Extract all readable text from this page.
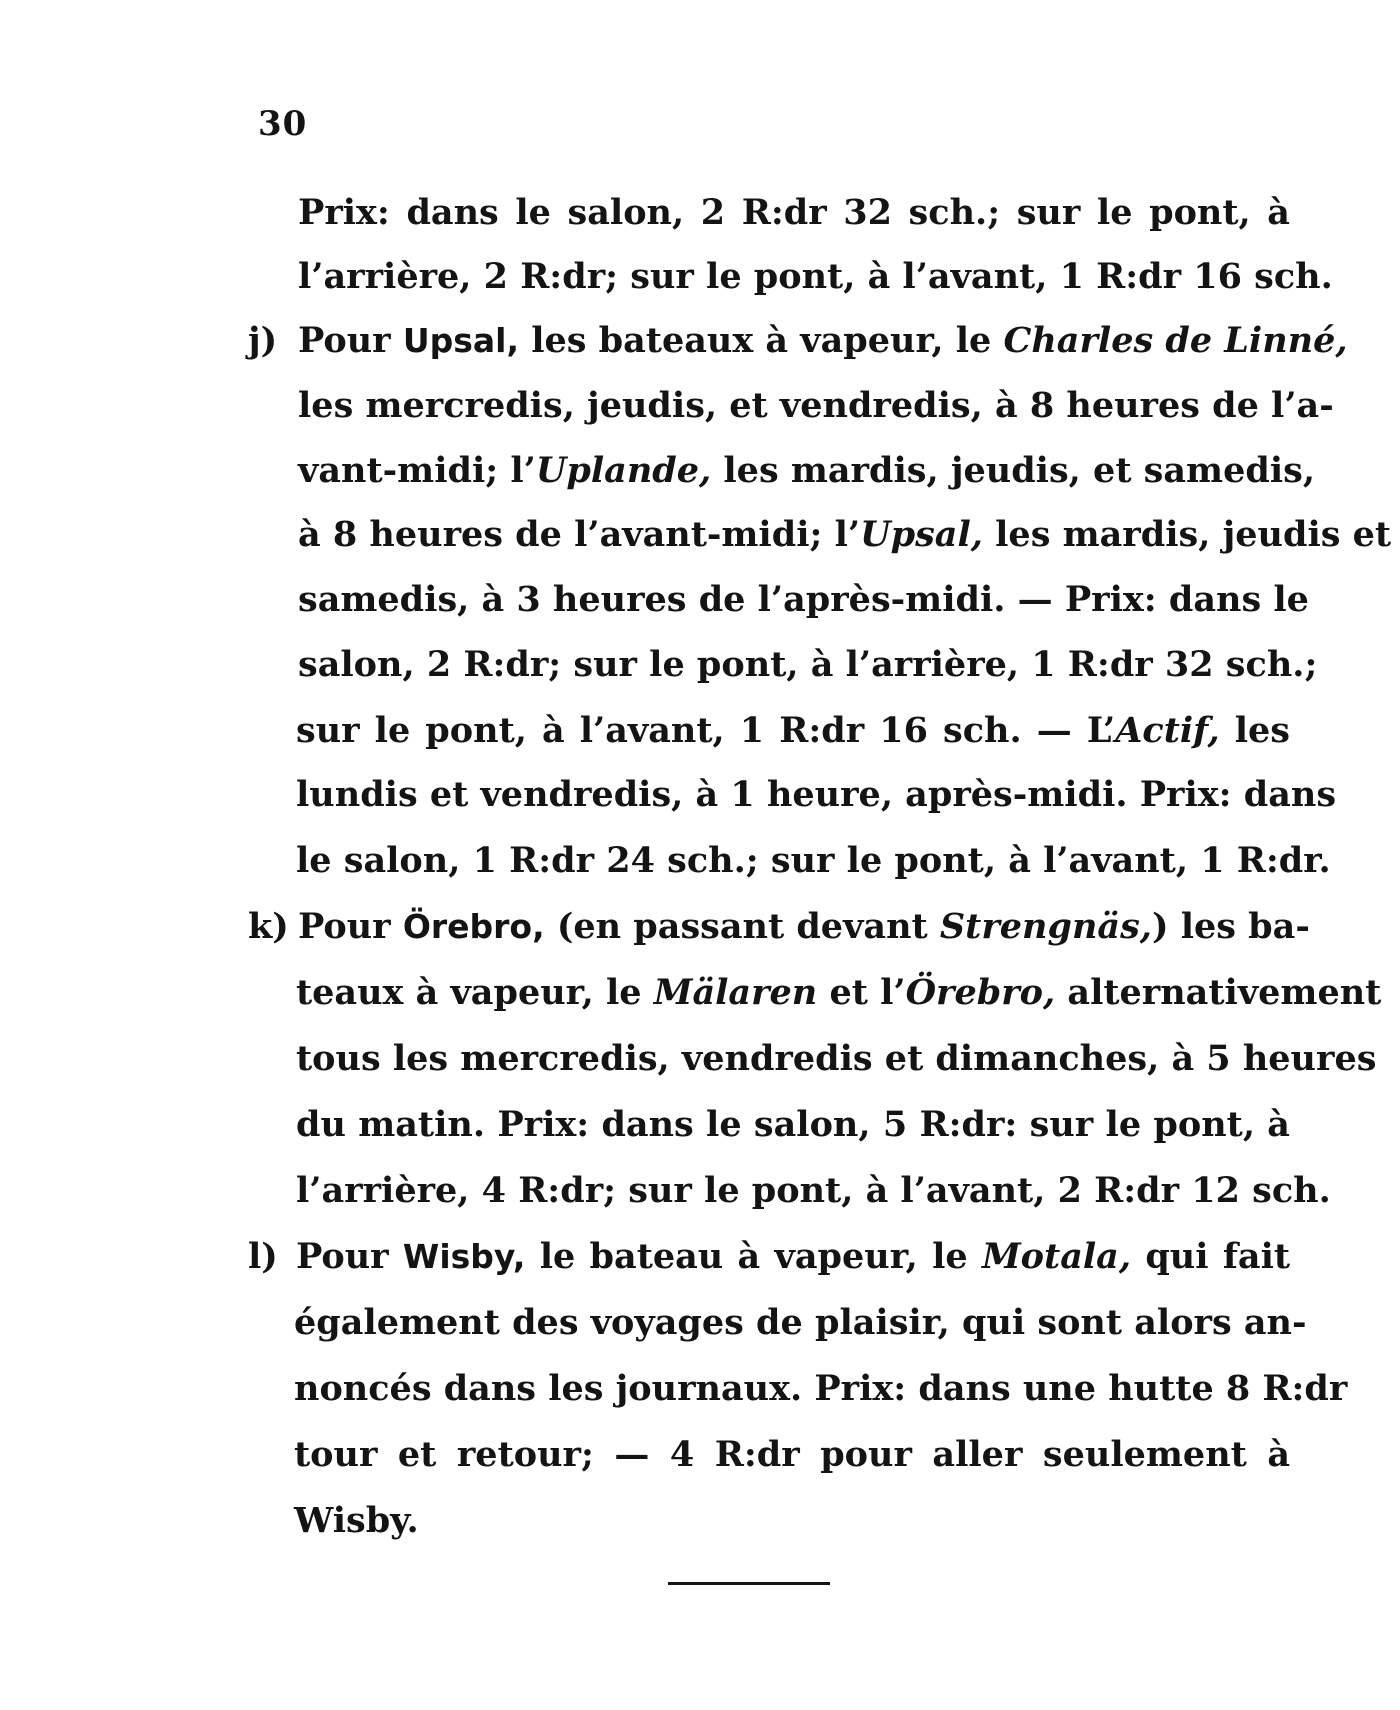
30
Prix: dans le salon, 2 R:dr 32 sch.; sur le pont, à
l’arrière, 2 R:dr; sur le pont, à l’avant, 1 R:dr 16 sch.
j) Pour Upsal, les bateaux à vapeur, le Charles de Linné,
les mercredis, jeudis, et vendredis, à 8 heures de l’a-
vant-midi; l’Uplande, les mardis, jeudis, et samedis,
à 8 heures de l’avant-midi; l’Upsal, les mardis, jeudis et
samedis, à 3 heures de l’après-midi. — Prix: dans le
salon, 2 R:dr; sur le pont, à l’arrière, 1 R:dr 32 sch.;
sur le pont, à l’avant, 1 R:dr 16 sch. — L’Actif, les
lundis et vendredis, à 1 heure, après-midi. Prix: dans
le salon, 1 R:dr 24 sch.; sur le pont, à l’avant, 1 R:dr.
k) Pour Örebro, (en passant devant Strengnäs,) les ba-
teaux à vapeur, le Mälaren et l’Örebro, alternativement
tous les mercredis, vendredis et dimanches, à 5 heures
du matin. Prix: dans le salon, 5 R:dr: sur le pont, à
l’arrière, 4 R:dr; sur le pont, à l’avant, 2 R:dr 12 sch.
l) Pour Wisby, le bateau à vapeur, le Motala, qui fait
également des voyages de plaisir, qui sont alors an-
noncés dans les journaux. Prix: dans une hutte 8 R:dr
tour et retour; — 4 R:dr pour aller seulement à
Wisby.
